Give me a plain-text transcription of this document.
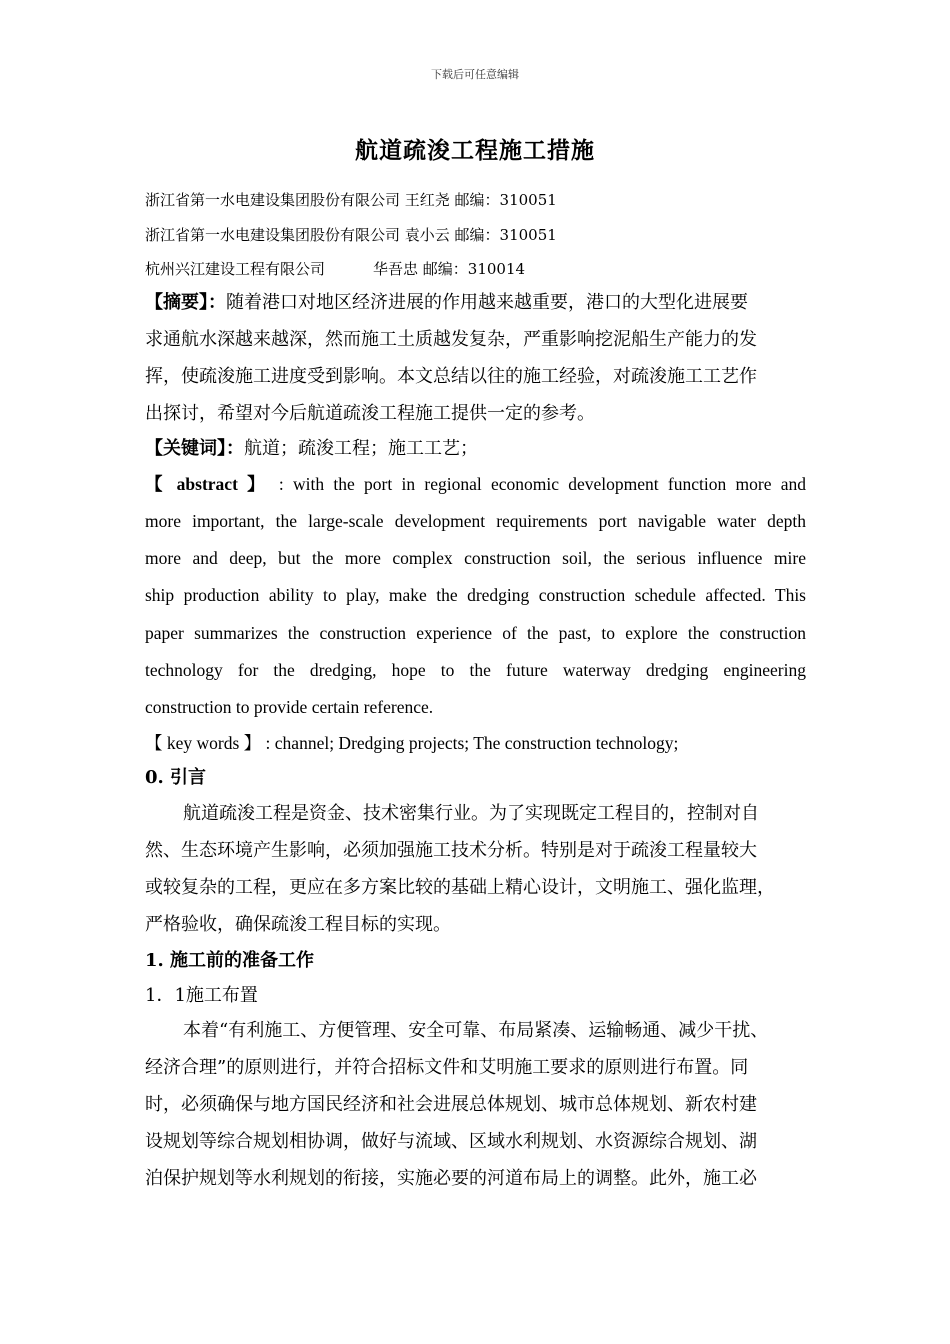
下载后可任意编辑
航道疏浚工程施工措施
浙江省第一水电建设集团股份有限公司 王红尧 邮编：310051
浙江省第一水电建设集团股份有限公司 袁小云 邮编：310051
杭州兴江建设工程有限公司	华吾忠 邮编：310014
【摘要】：随着港口对地区经济进展的作用越来越重要，港口的大型化进展要
求通航水深越来越深，然而施工土质越发复杂，严重影响挖泥船生产能力的发
挥，使疏浚施工进度受到影响。本文总结以往的施工经验，对疏浚施工工艺作
出探讨，希望对今后航道疏浚工程施工提供一定的参考。
【关键词】：航道；疏浚工程；施工工艺；
【 abstract 】 : with the port in regional economic development function more and
more important, the large-scale development requirements port navigable water depth
more and deep, but the more complex construction soil, the serious influence mire
ship production ability to play, make the dredging construction schedule affected. This
paper summarizes the construction experience of the past, to explore the construction
technology for the dredging, hope to the future waterway dredging engineering
construction to provide certain reference.
【 key words 】 : channel; Dredging projects; The construction technology;
0. 引言
航道疏浚工程是资金、技术密集行业。为了实现既定工程目的，控制对自
然、生态环境产生影响，必须加强施工技术分析。特别是对于疏浚工程量较大
或较复杂的工程，更应在多方案比较的基础上精心设计，文明施工、强化监理，
严格验收，确保疏浚工程目标的实现。
1. 施工前的准备工作
1．1施工布置
本着“有利施工、方便管理、安全可靠、布局紧凑、运输畅通、减少干扰、
经济合理”的原则进行，并符合招标文件和艾明施工要求的原则进行布置。同
时，必须确保与地方国民经济和社会进展总体规划、城市总体规划、新农村建
设规划等综合规划相协调，做好与流域、区域水利规划、水资源综合规划、湖
泊保护规划等水利规划的衔接，实施必要的河道布局上的调整。此外，施工必
